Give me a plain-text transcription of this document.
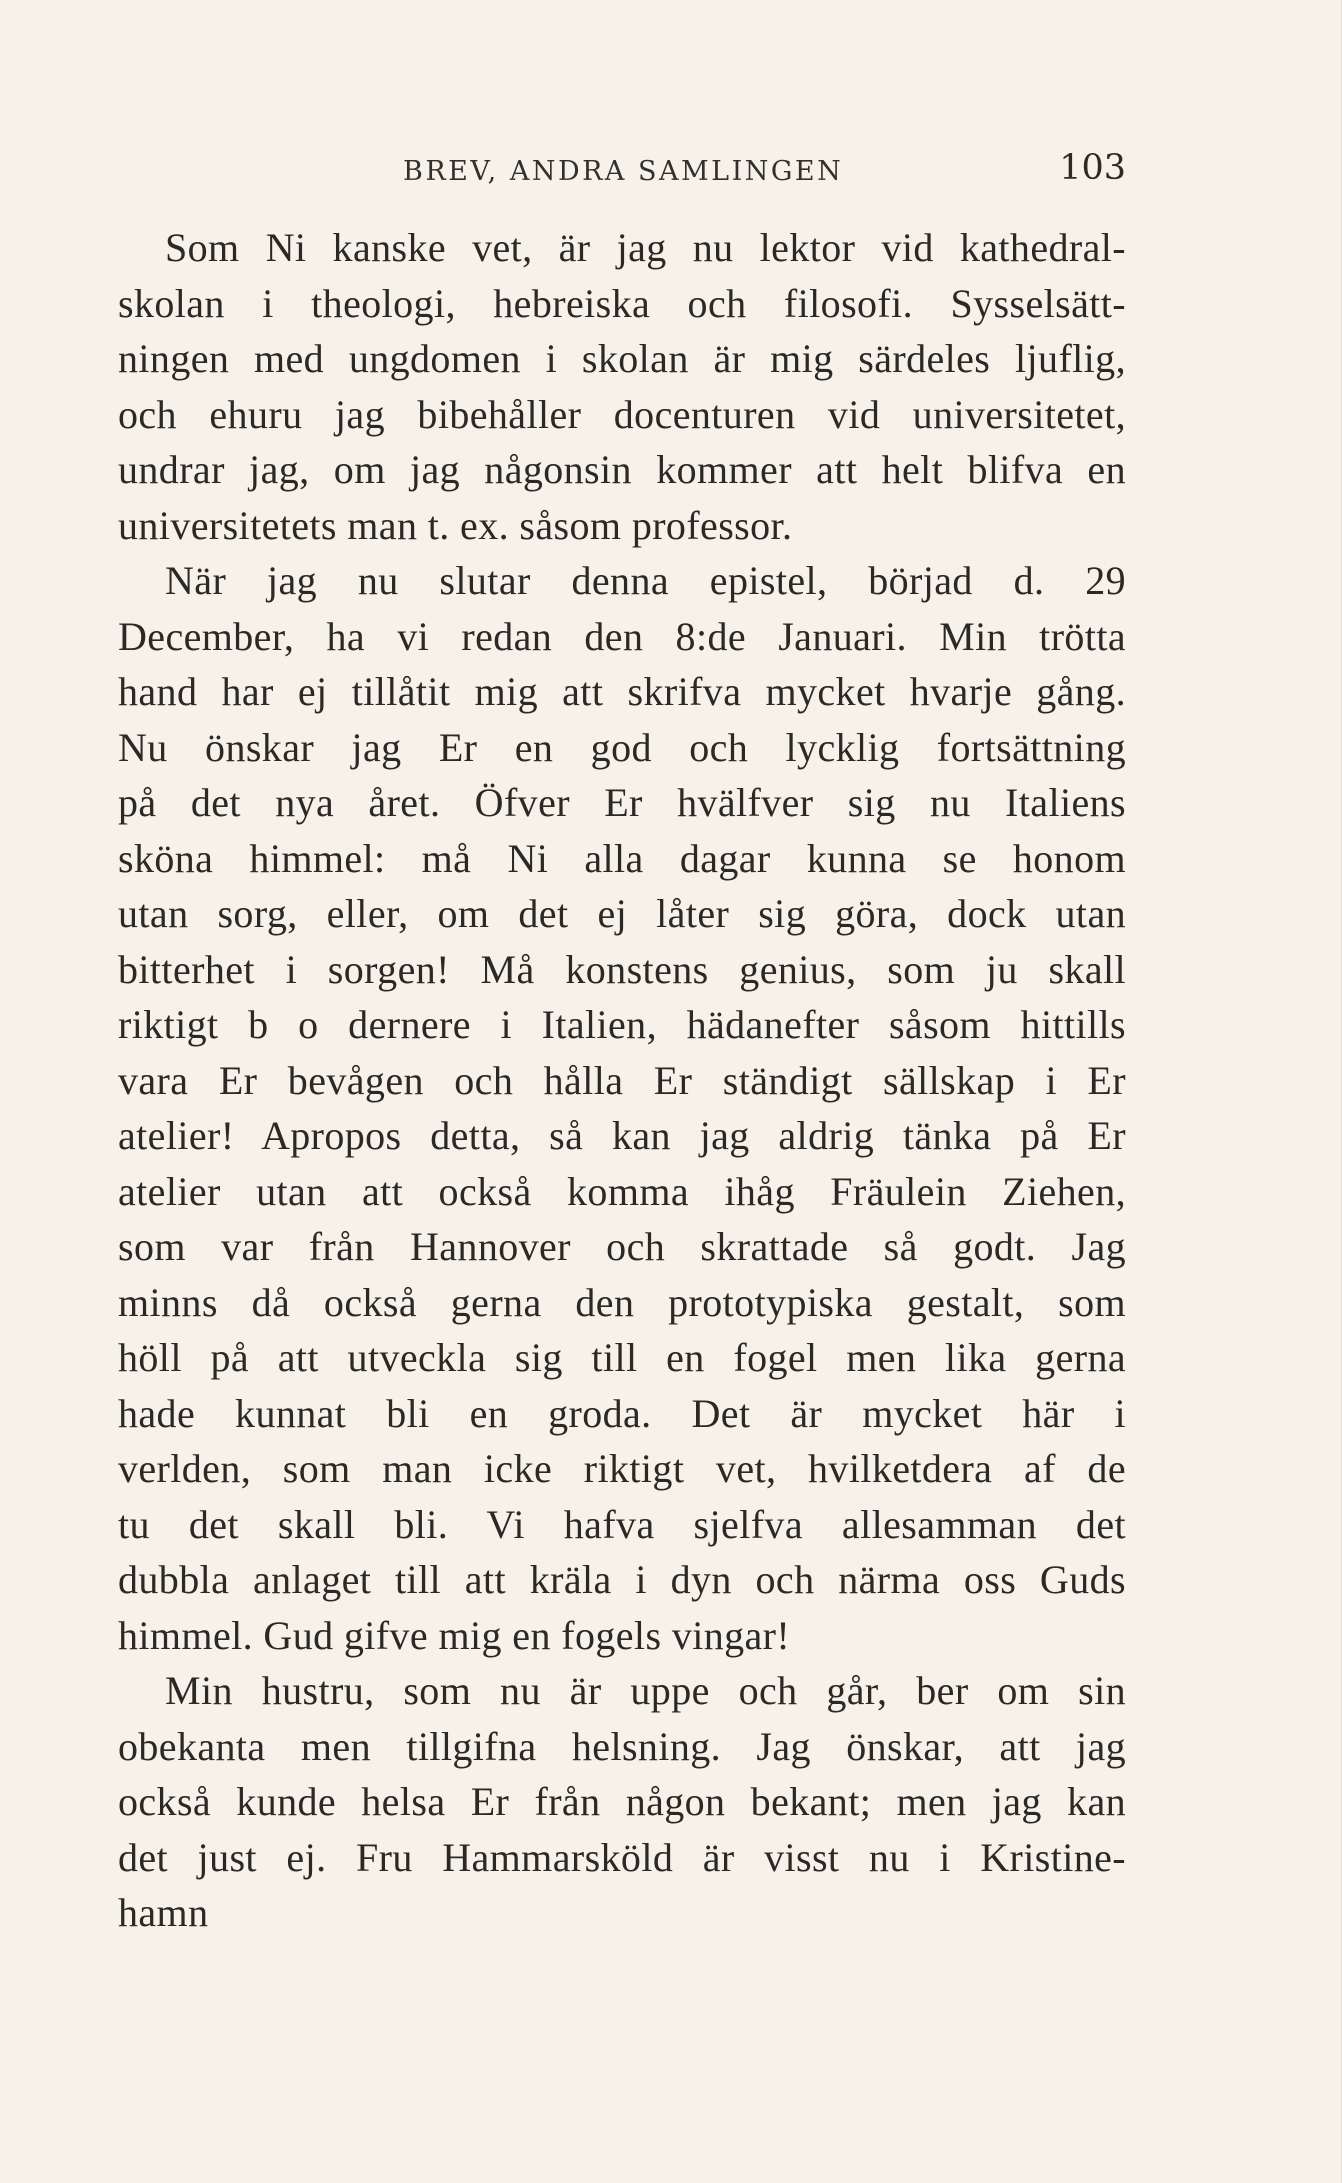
BREV, ANDRA SAMLINGEN	103
Som Ni kanske vet, är jag nu lektor vid kathedral-
skolan i theologi, hebreiska och filosofi. Sysselsätt-
ningen med ungdomen i skolan är mig särdeles ljuflig,
och ehuru jag bibehåller docenturen vid universitetet,
undrar jag, om jag någonsin kommer att helt blifva en
universitetets man t. ex. såsom professor.
När jag nu slutar denna epistel, börjad d. 29
December, ha vi redan den 8:de Januari. Min trötta
hand har ej tillåtit mig att skrifva mycket hvarje gång.
Nu önskar jag Er en god och lycklig fortsättning
på det nya året. Öfver Er hvälfver sig nu Italiens
sköna himmel: må Ni alla dagar kunna se honom
utan sorg, eller, om det ej låter sig göra, dock utan
bitterhet i sorgen! Må konstens genius, som ju skall
riktigt b o dernere i Italien, hädanefter såsom hittills
vara Er bevågen och hålla Er ständigt sällskap i Er
atelier! Apropos detta, så kan jag aldrig tänka på Er
atelier utan att också komma ihåg Fräulein Ziehen,
som var från Hannover och skrattade så godt. Jag
minns då också gerna den prototypiska gestalt, som
höll på att utveckla sig till en fogel men lika gerna
hade kunnat bli en groda. Det är mycket här i
verlden, som man icke riktigt vet, hvilketdera af de
tu det skall bli. Vi hafva sjelfva allesamman det
dubbla anlaget till att kräla i dyn och närma oss Guds
himmel. Gud gifve mig en fogels vingar!
Min hustru, som nu är uppe och går, ber om sin
obekanta men tillgifna helsning. Jag önskar, att jag
också kunde helsa Er från någon bekant; men jag kan
det just ej. Fru Hammarsköld är visst nu i Kristine-
hamn
